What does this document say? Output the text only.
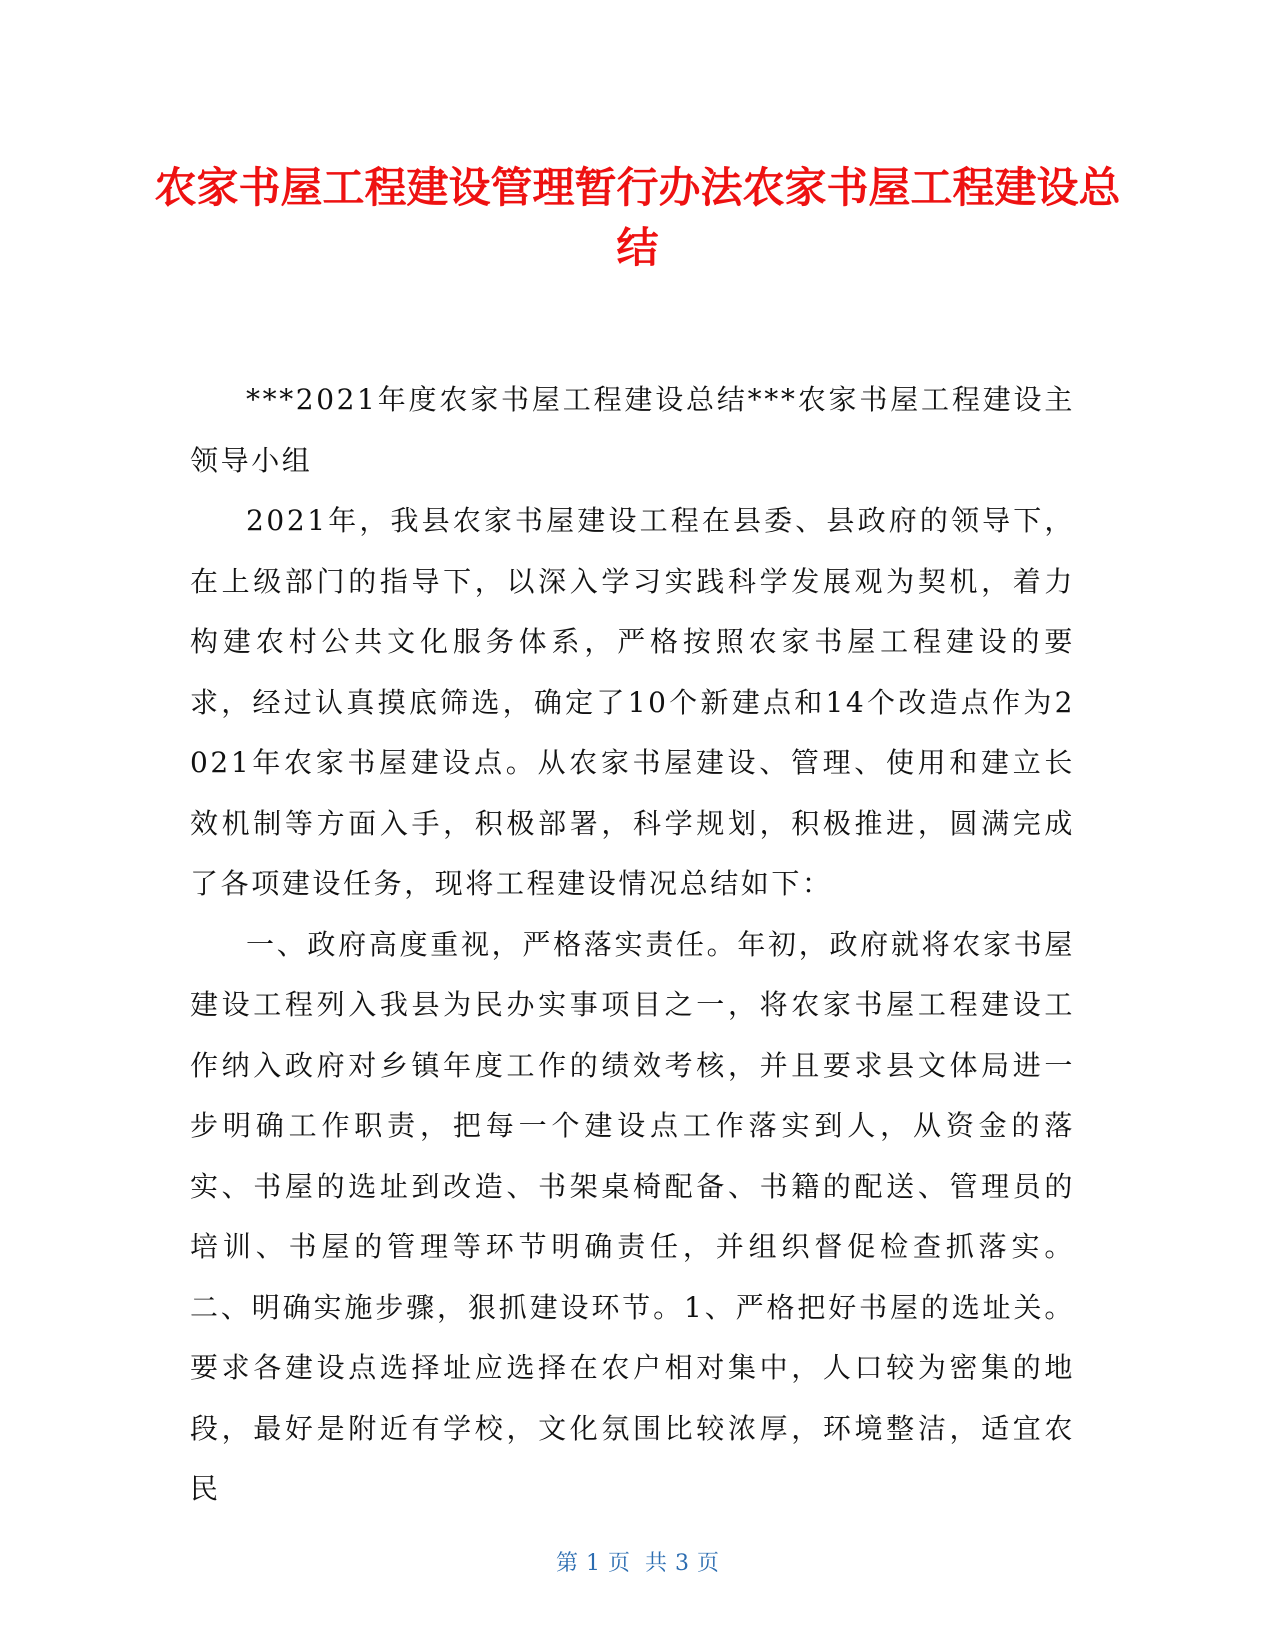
农家书屋工程建设管理暂行办法农家书屋工程建设总结

***2021年度农家书屋工程建设总结***农家书屋工程建设主领导小组

2021年，我县农家书屋建设工程在县委、县政府的领导下，在上级部门的指导下，以深入学习实践科学发展观为契机，着力构建农村公共文化服务体系，严格按照农家书屋工程建设的要求，经过认真摸底筛选，确定了10个新建点和14个改造点作为2021年农家书屋建设点。从农家书屋建设、管理、使用和建立长效机制等方面入手，积极部署，科学规划，积极推进，圆满完成了各项建设任务，现将工程建设情况总结如下：

一、政府高度重视，严格落实责任。年初，政府就将农家书屋建设工程列入我县为民办实事项目之一，将农家书屋工程建设工作纳入政府对乡镇年度工作的绩效考核，并且要求县文体局进一步明确工作职责，把每一个建设点工作落实到人，从资金的落实、书屋的选址到改造、书架桌椅配备、书籍的配送、管理员的培训、书屋的管理等环节明确责任，并组织督促检查抓落实。二、明确实施步骤，狠抓建设环节。1、严格把好书屋的选址关。要求各建设点选择址应选择在农户相对集中，人口较为密集的地段，最好是附近有学校，文化氛围比较浓厚，环境整洁，适宜农民

第 1 页 共 3 页
